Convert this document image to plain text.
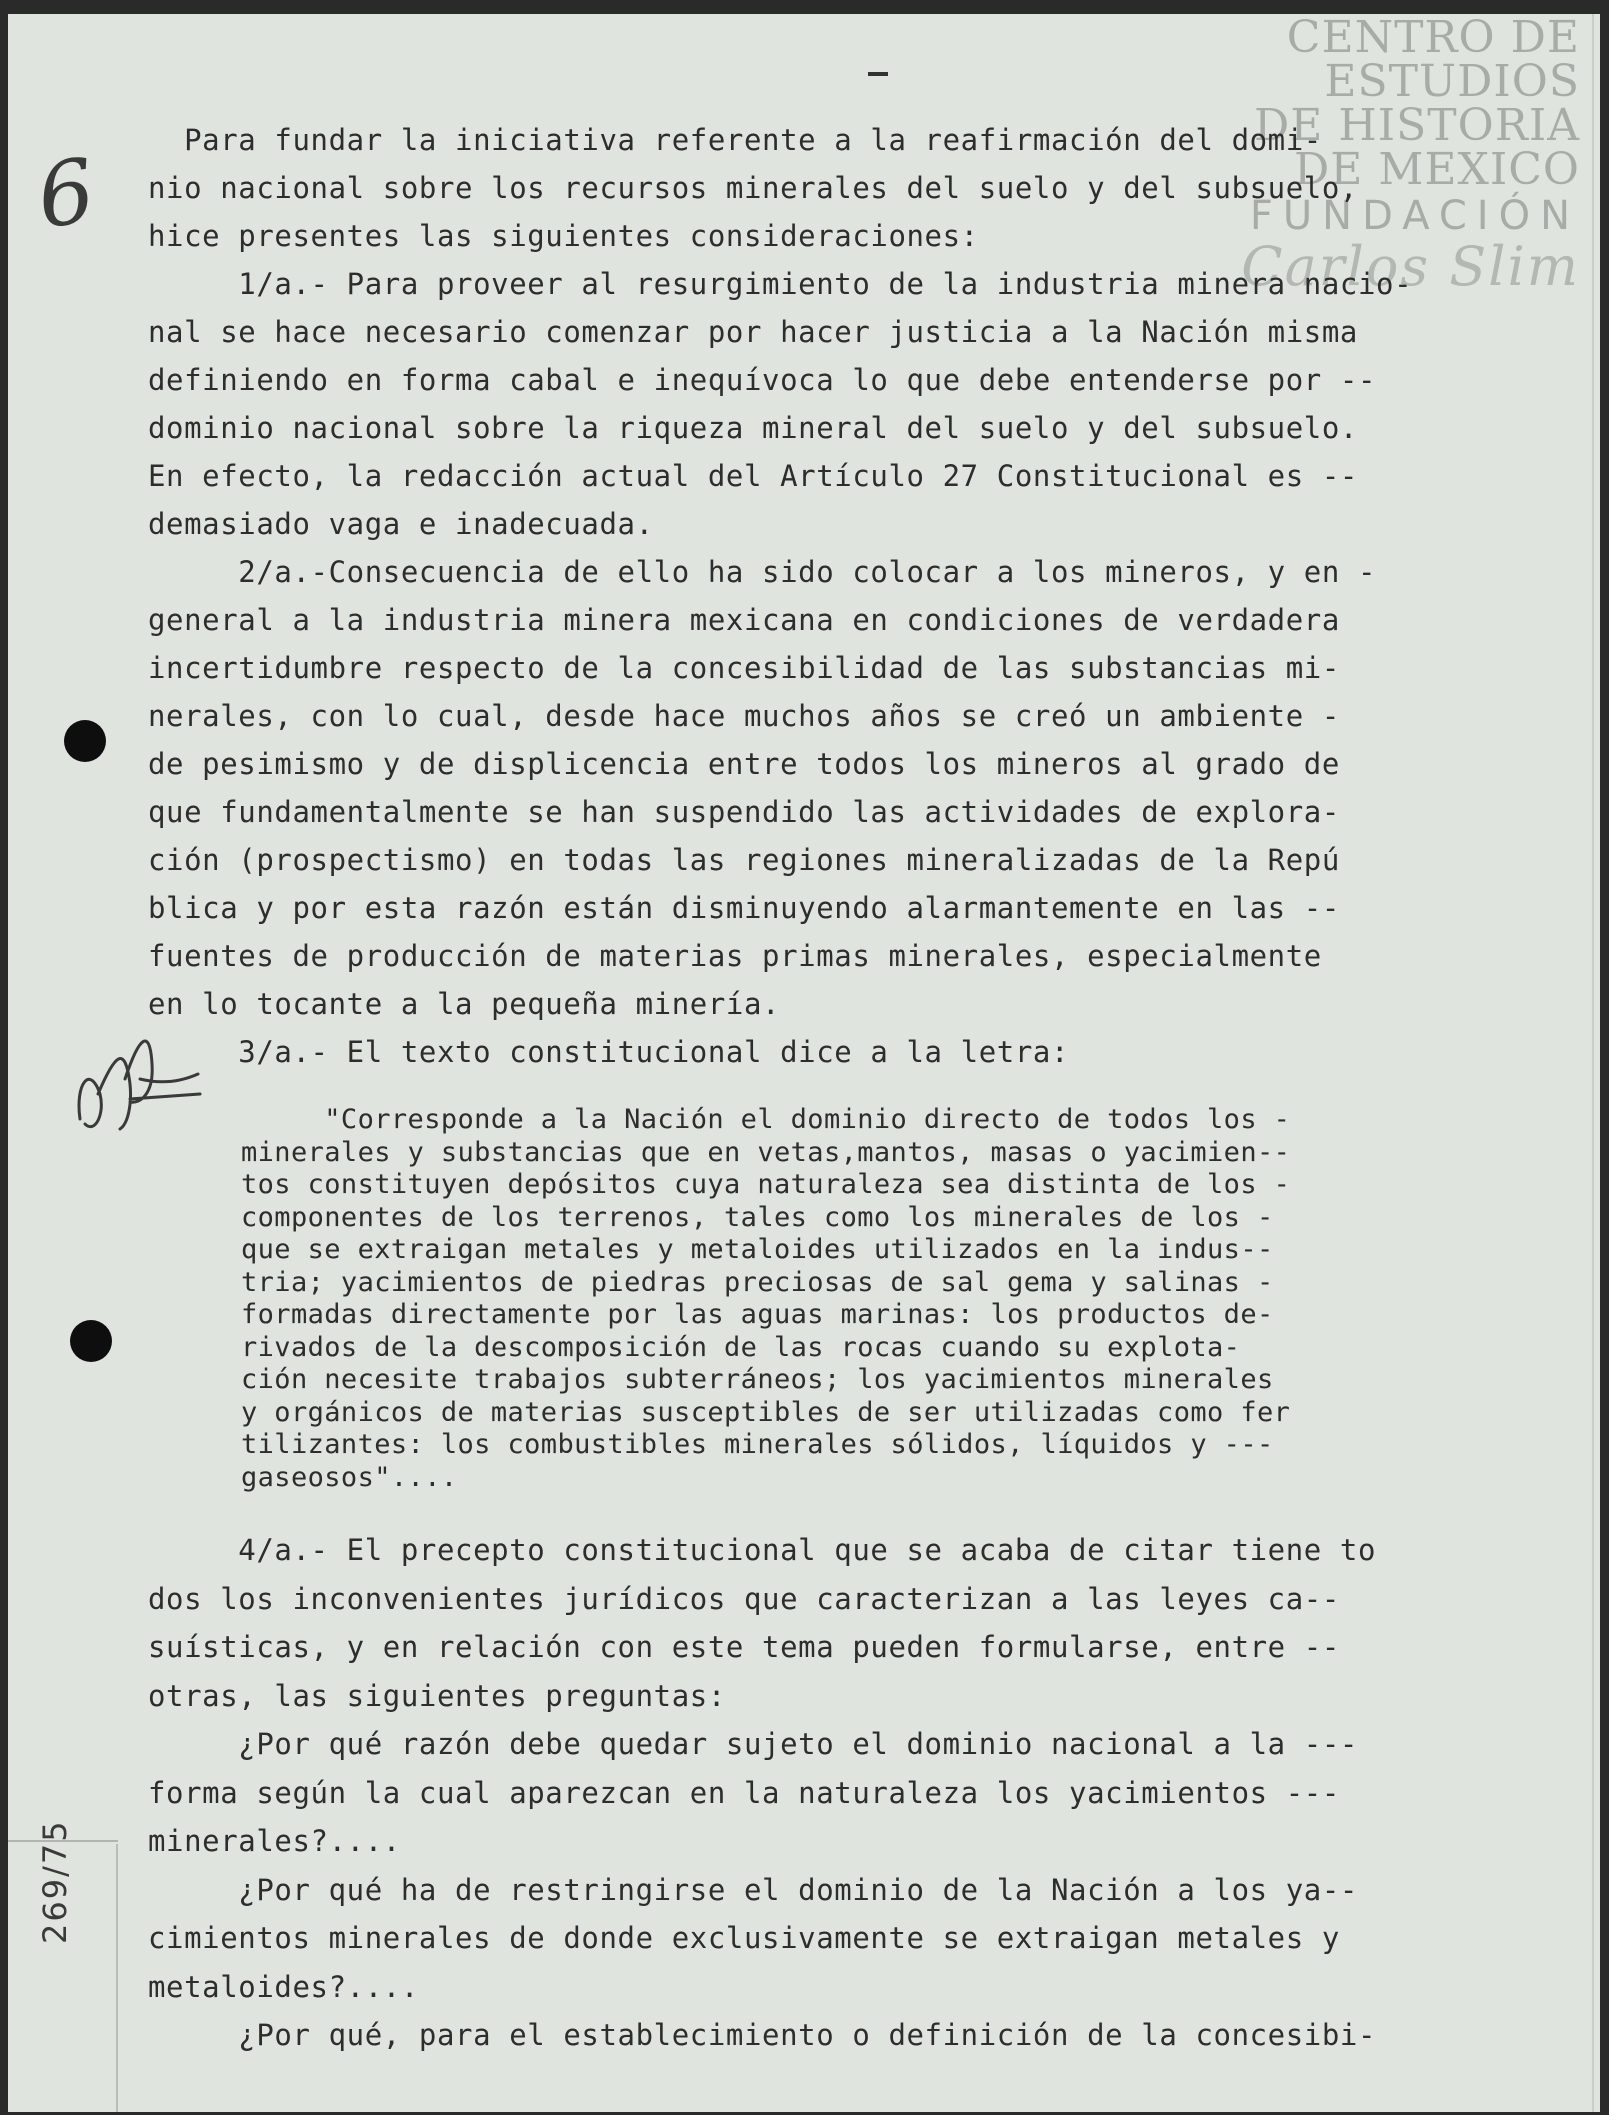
CENTRO DE
ESTUDIOS
DE HISTORIA
DE MEXICO
FUNDACIÓN
Carlos Slim
6
269/75
Para fundar la iniciativa referente a la reafirmación del domi-
nio nacional sobre los recursos minerales del suelo y del subsuelo,
hice presentes las siguientes consideraciones:
1/a.- Para proveer al resurgimiento de la industria minera nacio-
nal se hace necesario comenzar por hacer justicia a la Nación misma
definiendo en forma cabal e inequívoca lo que debe entenderse por --
dominio nacional sobre la riqueza mineral del suelo y del subsuelo.
En efecto, la redacción actual del Artículo 27 Constitucional es --
demasiado vaga e inadecuada.
2/a.-Consecuencia de ello ha sido colocar a los mineros, y en -
general a la industria minera mexicana en condiciones de verdadera
incertidumbre respecto de la concesibilidad de las substancias mi-
nerales, con lo cual, desde hace muchos años se creó un ambiente -
de pesimismo y de displicencia entre todos los mineros al grado de
que fundamentalmente se han suspendido las actividades de explora-
ción (prospectismo) en todas las regiones mineralizadas de la Repú
blica y por esta razón están disminuyendo alarmantemente en las --
fuentes de producción de materias primas minerales, especialmente
en lo tocante a la pequeña minería.
3/a.- El texto constitucional dice a la letra:
"Corresponde a la Nación el dominio directo de todos los -
minerales y substancias que en vetas,mantos, masas o yacimien--
tos constituyen depósitos cuya naturaleza sea distinta de los -
componentes de los terrenos, tales como los minerales de los -
que se extraigan metales y metaloides utilizados en la indus--
tria; yacimientos de piedras preciosas de sal gema y salinas -
formadas directamente por las aguas marinas: los productos de-
rivados de la descomposición de las rocas cuando su explota-
ción necesite trabajos subterráneos; los yacimientos minerales
y orgánicos de materias susceptibles de ser utilizadas como fer
tilizantes: los combustibles minerales sólidos, líquidos y ---
gaseosos"....
4/a.- El precepto constitucional que se acaba de citar tiene to
dos los inconvenientes jurídicos que caracterizan a las leyes ca--
suísticas, y en relación con este tema pueden formularse, entre --
otras, las siguientes preguntas:
¿Por qué razón debe quedar sujeto el dominio nacional a la ---
forma según la cual aparezcan en la naturaleza los yacimientos ---
minerales?....
¿Por qué ha de restringirse el dominio de la Nación a los ya--
cimientos minerales de donde exclusivamente se extraigan metales y
metaloides?....
¿Por qué, para el establecimiento o definición de la concesibi-
